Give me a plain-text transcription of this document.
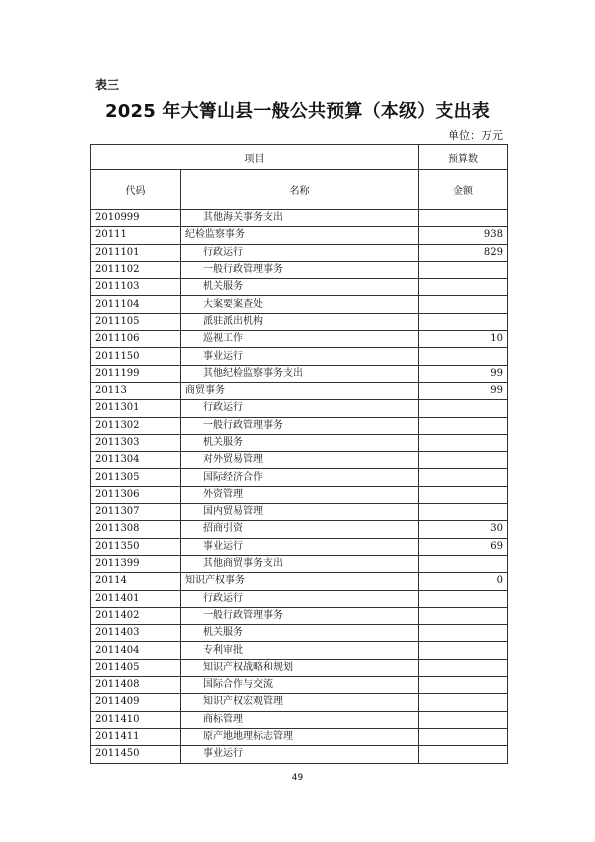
表三
2025 年大箐山县一般公共预算（本级）支出表
单位：万元
项目		预算数
代码	名称	金额
2010999	其他海关事务支出	
20111	纪检监察事务	938
2011101	行政运行	829
2011102	一般行政管理事务	
2011103	机关服务	
2011104	大案要案查处	
2011105	派驻派出机构	
2011106	巡视工作	10
2011150	事业运行	
2011199	其他纪检监察事务支出	99
20113	商贸事务	99
2011301	行政运行	
2011302	一般行政管理事务	
2011303	机关服务	
2011304	对外贸易管理	
2011305	国际经济合作	
2011306	外资管理	
2011307	国内贸易管理	
2011308	招商引资	30
2011350	事业运行	69
2011399	其他商贸事务支出	
20114	知识产权事务	0
2011401	行政运行	
2011402	一般行政管理事务	
2011403	机关服务	
2011404	专利审批	
2011405	知识产权战略和规划	
2011408	国际合作与交流	
2011409	知识产权宏观管理	
2011410	商标管理	
2011411	原产地地理标志管理	
2011450	事业运行	
49
